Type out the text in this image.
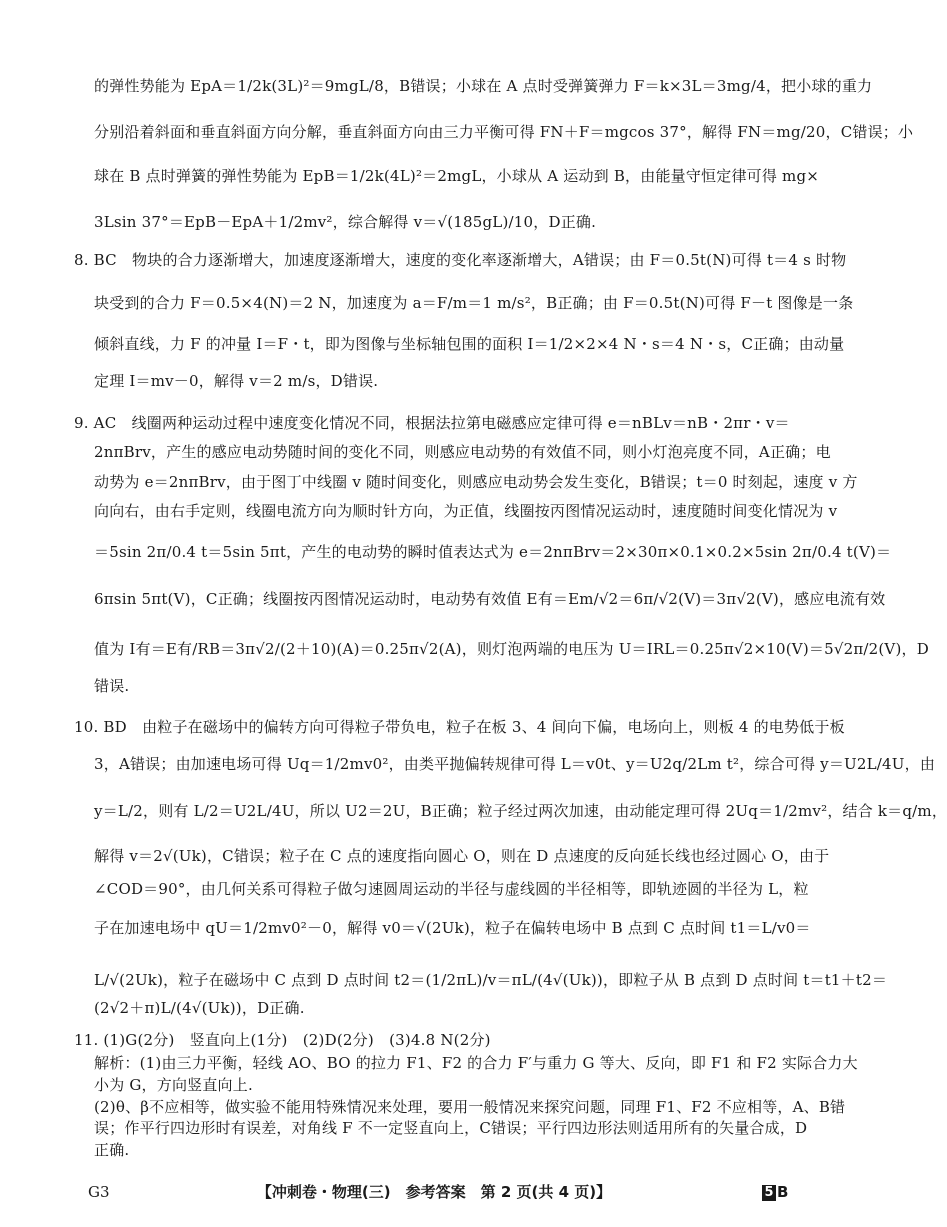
的弹性势能为 EpA＝1/2k(3L)²＝9mgL/8，B错误；小球在 A 点时受弹簧弹力 F＝k×3L＝3mg/4，把小球的重力
分别沿着斜面和垂直斜面方向分解，垂直斜面方向由三力平衡可得 FN＋F＝mgcos 37°，解得 FN＝mg/20，C错误；小
球在 B 点时弹簧的弹性势能为 EpB＝1/2k(4L)²＝2mgL，小球从 A 运动到 B，由能量守恒定律可得 mg×
3Lsin 37°＝EpB－EpA＋1/2mv²，综合解得 v＝√(185gL)/10，D正确.
8. BC　物块的合力逐渐增大，加速度逐渐增大，速度的变化率逐渐增大，A错误；由 F＝0.5t(N)可得 t＝4 s 时物
块受到的合力 F＝0.5×4(N)＝2 N，加速度为 a＝F/m＝1 m/s²，B正确；由 F＝0.5t(N)可得 F－t 图像是一条
倾斜直线，力 F 的冲量 I＝F・t，即为图像与坐标轴包围的面积 I＝1/2×2×4 N・s＝4 N・s，C正确；由动量
定理 I＝mv－0，解得 v＝2 m/s，D错误.
9. AC　线圈两种运动过程中速度变化情况不同，根据法拉第电磁感应定律可得 e＝nBLv＝nB・2πr・v＝
2nπBrv，产生的感应电动势随时间的变化不同，则感应电动势的有效值不同，则小灯泡亮度不同，A正确；电
动势为 e＝2nπBrv，由于图丁中线圈 v 随时间变化，则感应电动势会发生变化，B错误；t＝0 时刻起，速度 v 方
向向右，由右手定则，线圈电流方向为顺时针方向，为正值，线圈按丙图情况运动时，速度随时间变化情况为 v
＝5sin 2π/0.4 t＝5sin 5πt，产生的电动势的瞬时值表达式为 e＝2nπBrv＝2×30π×0.1×0.2×5sin 2π/0.4 t(V)＝
6πsin 5πt(V)，C正确；线圈按丙图情况运动时，电动势有效值 E有＝Em/√2＝6π/√2(V)＝3π√2(V)，感应电流有效
值为 I有＝E有/RB＝3π√2/(2＋10)(A)＝0.25π√2(A)，则灯泡两端的电压为 U＝IRL＝0.25π√2×10(V)＝5√2π/2(V)，D
错误.
10. BD　由粒子在磁场中的偏转方向可得粒子带负电，粒子在板 3、4 间向下偏，电场向上，则板 4 的电势低于板
3，A错误；由加速电场可得 Uq＝1/2mv0²，由类平抛偏转规律可得 L＝v0t、y＝U2q/2Lm t²，综合可得 y＝U2L/4U，由
y＝L/2，则有 L/2＝U2L/4U，所以 U2＝2U，B正确；粒子经过两次加速，由动能定理可得 2Uq＝1/2mv²，结合 k＝q/m，
解得 v＝2√(Uk)，C错误；粒子在 C 点的速度指向圆心 O，则在 D 点速度的反向延长线也经过圆心 O，由于
∠COD＝90°，由几何关系可得粒子做匀速圆周运动的半径与虚线圆的半径相等，即轨迹圆的半径为 L，粒
子在加速电场中 qU＝1/2mv0²－0，解得 v0＝√(2Uk)，粒子在偏转电场中 B 点到 C 点时间 t1＝L/v0＝
L/√(2Uk)，粒子在磁场中 C 点到 D 点时间 t2＝(1/2πL)/v＝πL/(4√(Uk))，即粒子从 B 点到 D 点时间 t＝t1＋t2＝
(2√2＋π)L/(4√(Uk))，D正确.
11. (1)G(2分)　竖直向上(1分)　(2)D(2分)　(3)4.8 N(2分)
解析：(1)由三力平衡，轻线 AO、BO 的拉力 F1、F2 的合力 F′与重力 G 等大、反向，即 F1 和 F2 实际合力大
小为 G，方向竖直向上.
(2)θ、β不应相等，做实验不能用特殊情况来处理，要用一般情况来探究问题，同理 F1、F2 不应相等，A、B错
误；作平行四边形时有误差，对角线 F 不一定竖直向上，C错误；平行四边形法则适用所有的矢量合成，D
正确.
G3	【冲刺卷・物理(三)　参考答案　第 2 页(共 4 页)】	5 B
